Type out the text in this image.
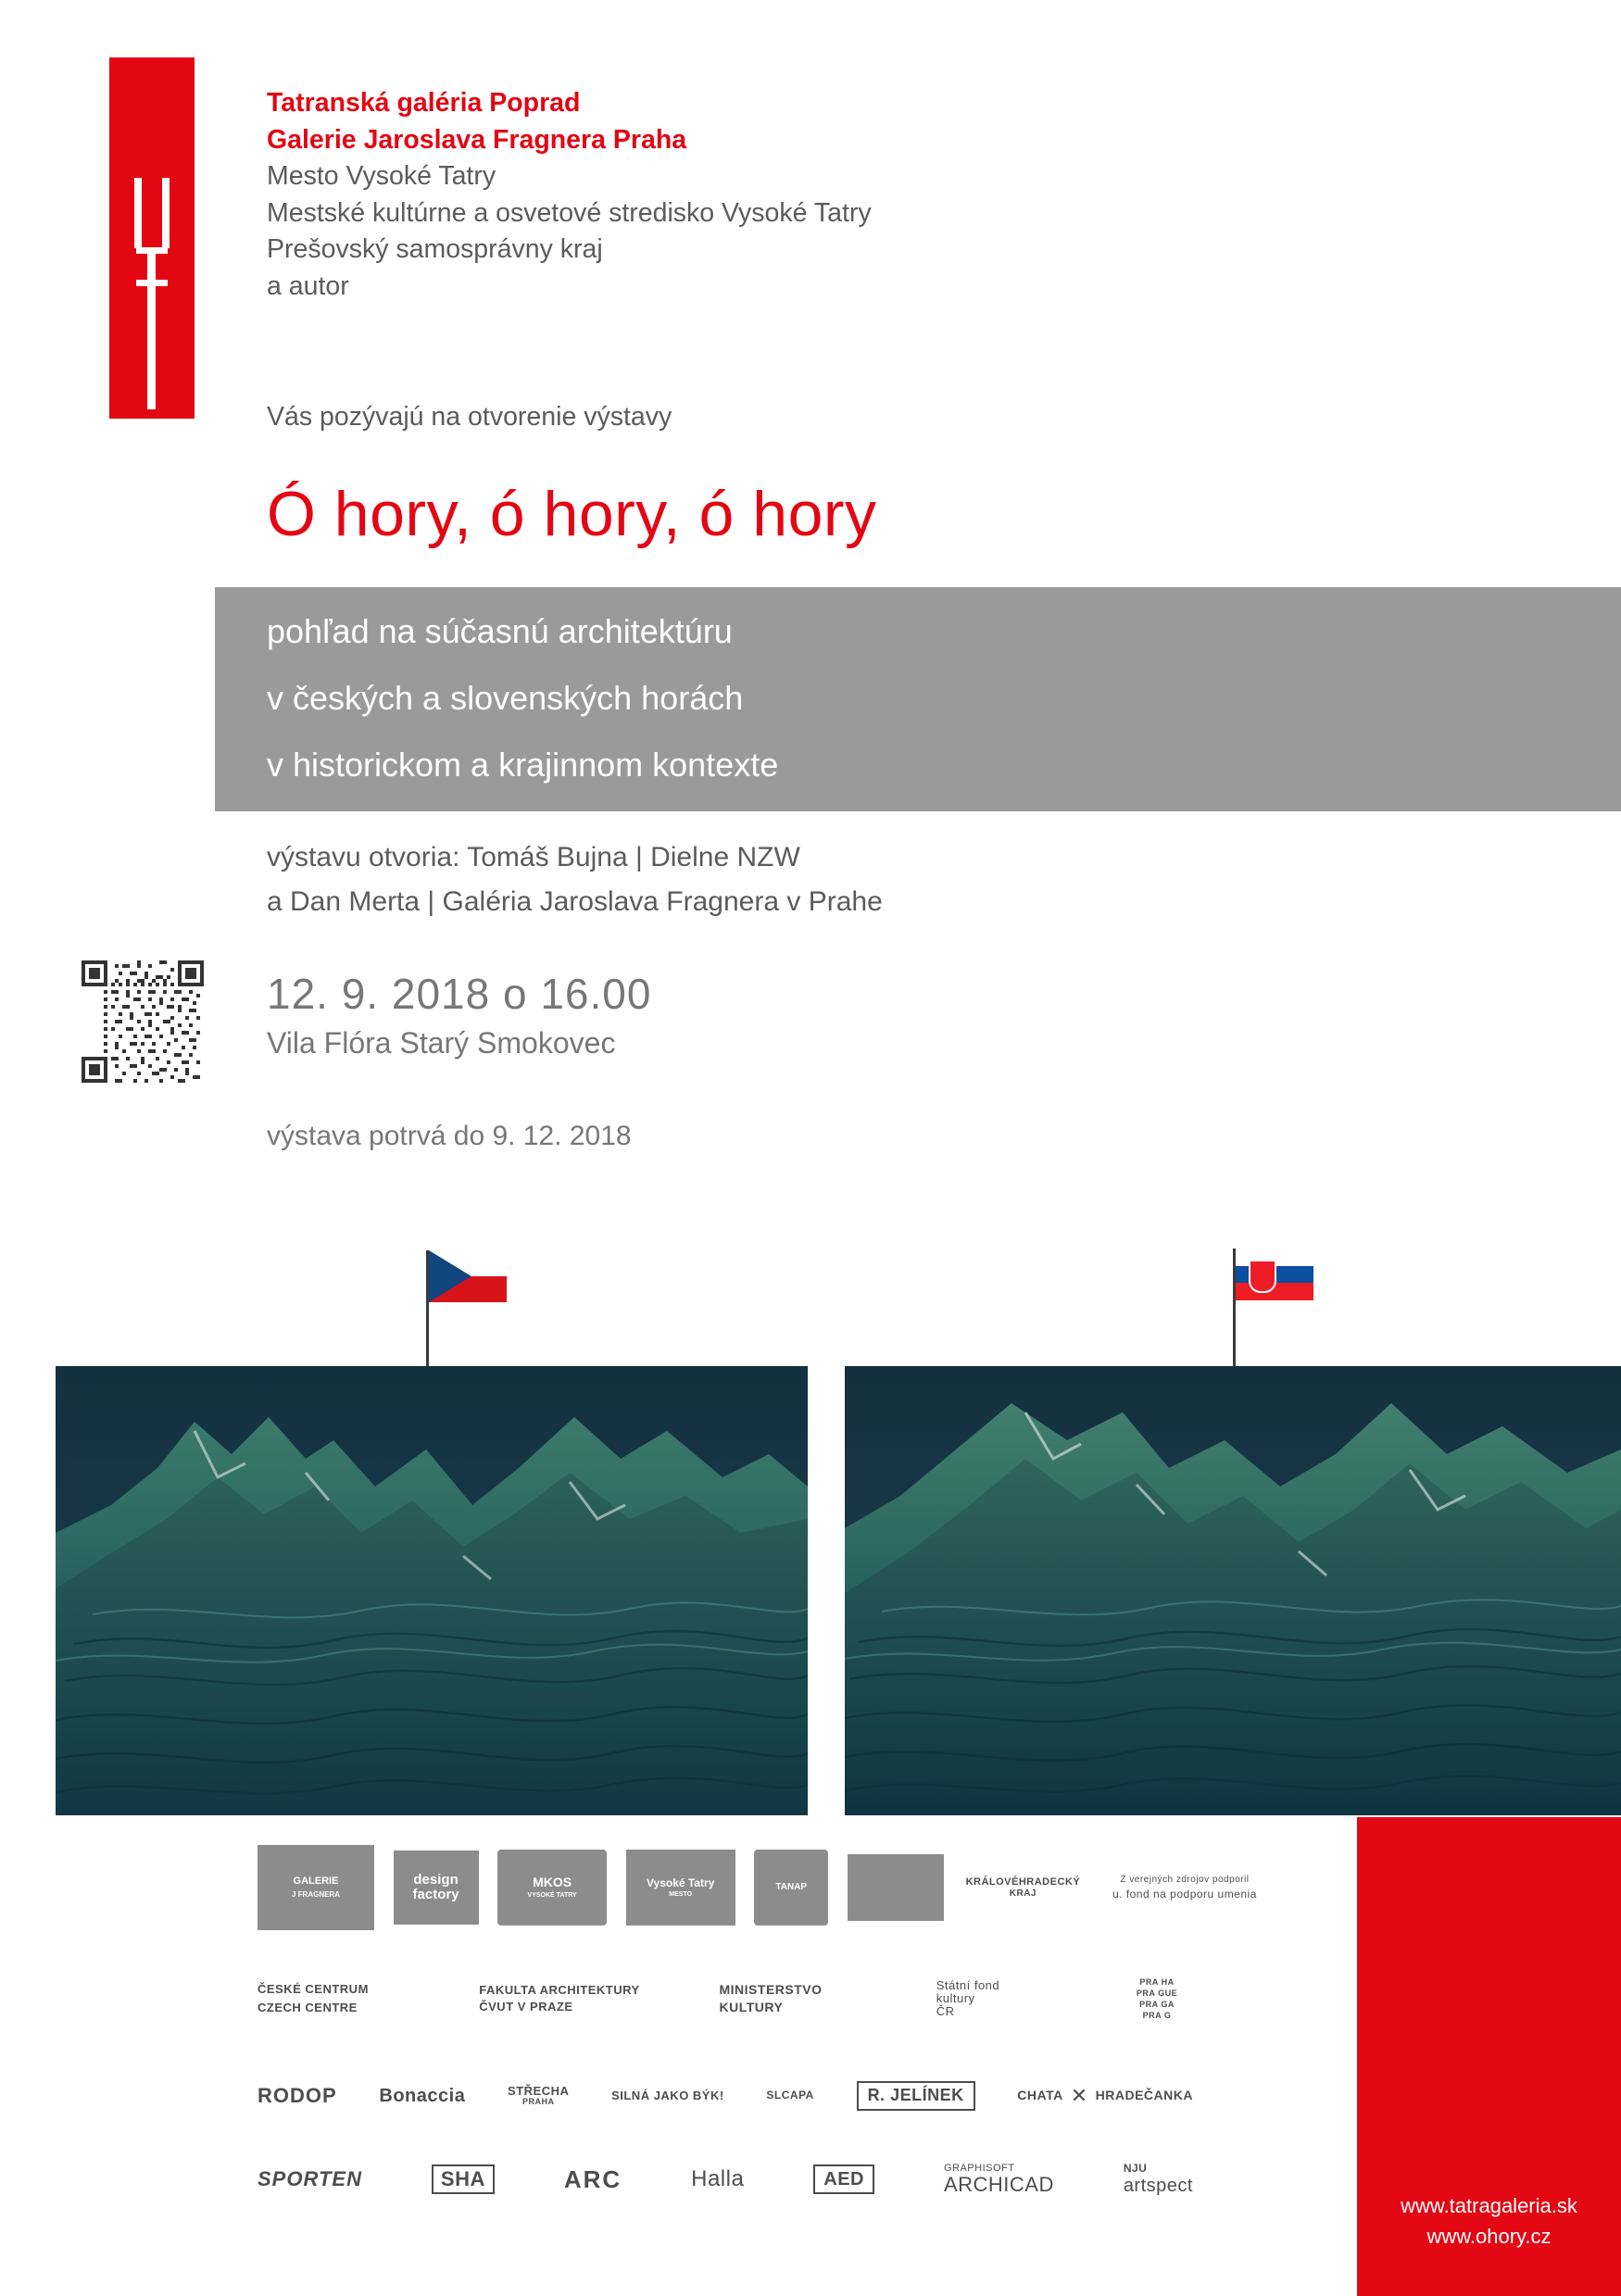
Tatranská galéria Poprad
Galerie Jaroslava Fragnera Praha
Mesto Vysoké Tatry
Mestské kultúrne a osvetové stredisko Vysoké Tatry
Prešovský samosprávny kraj
a autor
Vás pozývajú na otvorenie výstavy
Ó hory, ó hory, ó hory
pohľad na súčasnú architektúru
v českých a slovenských horách
v historickom a krajinnom kontexte
výstavu otvoria: Tomáš Bujna | Dielne NZW
a Dan Merta | Galéria Jaroslava Fragnera v Prahe
12. 9. 2018 o 16.00
Vila Flóra Starý Smokovec
výstava potrvá do 9. 12. 2018
GALERIE
J FRAGNERA
design
factory
MKOS
VYSOKÉ TATRY
Vysoké Tatry
MESTO
TANAP	KRÁLOVÉHRADECKÝ
KRAJ
Z verejných zdrojov podporil
u. fond na podporu umenia
ČESKÉ CENTRUM
CZECH CENTRE
FAKULTA ARCHITEKTURY
ČVUT V PRAZE
MINISTERSTVO
KULTURY
Státní fond
kultury
ČR
PRA HA
PRA GUE
PRA GA
PRA G
RODOP Bonaccia	STŘECHA
PRAHA	SILNÁ JAKO BÝK!	SLCAPA	R. JELÍNEK	CHATA ✕ HRADEČANKA
SPORTEN	SHA	ARC	Halla	AED
GRAPHISOFT
ARCHICAD
NJU
artspect
www.tatragaleria.sk
www.ohory.cz
